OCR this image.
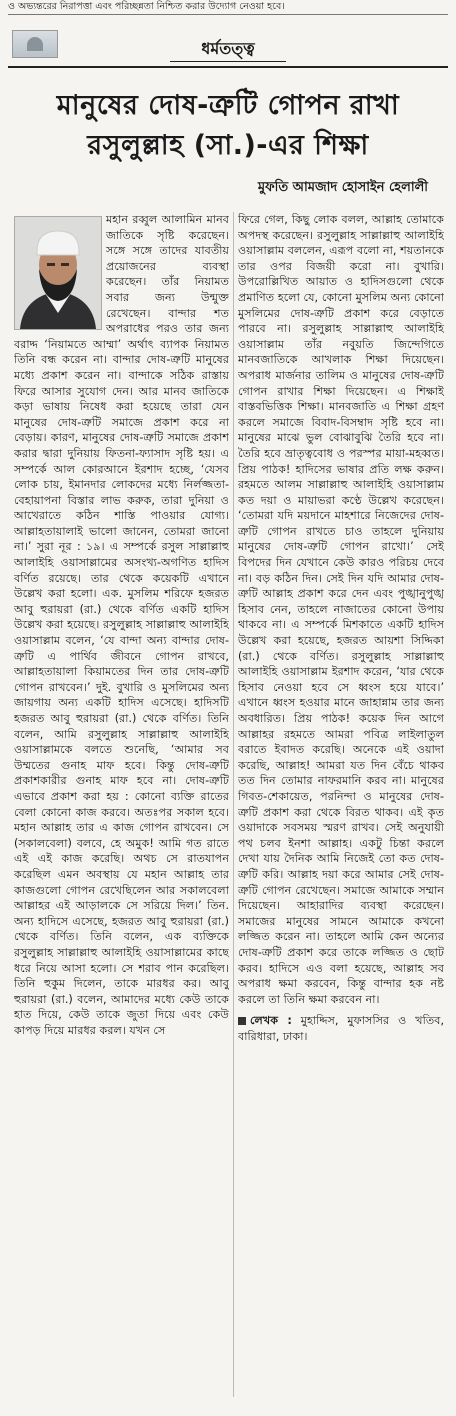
ও অভ্যন্তরের নিরাপত্তা এবং পরিচ্ছন্নতা নিশ্চিত করার উদ্যোগ নেওয়া হবে।
ধর্মতত্ত্ব
মানুষের দোষ-ত্রুটি গোপন রাখা
রসুলুল্লাহ (সা.)-এর শিক্ষা
মুফতি আমজাদ হোসাইন হেলালী
মহান রব্বুল আলামিন মানব জাতিকে সৃষ্টি করেছেন। সঙ্গে সঙ্গে তাদের যাবতীয় প্রয়োজনের ব্যবস্থা করেছেন। তাঁর নিয়ামত সবার জন্য উন্মুক্ত রেখেছেন। বান্দার শত অপরাধের পরও তার জন্য বরাদ্দ ‘নিয়ামতে আম্মা’ অর্থাৎ ব্যাপক নিয়ামত তিনি বন্ধ করেন না। বান্দার দোষ-ত্রুটি মানুষের মধ্যে প্রকাশ করেন না। বান্দাকে সঠিক রাস্তায় ফিরে আসার সুযোগ দেন। আর মানব জাতিকে কড়া ভাষায় নিষেধ করা হয়েছে তারা যেন মানুষের দোষ-ত্রুটি সমাজে প্রকাশ করে না বেড়ায়। কারণ, মানুষের দোষ-ত্রুটি সমাজে প্রকাশ করার দ্বারা দুনিয়ায় ফিতনা-ফ্যাসাদ সৃষ্টি হয়। এ সম্পর্কে আল কোরআনে ইরশাদ হচ্ছে, ‘যেসব লোক চায়, ইমানদার লোকদের মধ্যে নির্লজ্জতা-বেহায়াপনা বিস্তার লাভ করুক, তারা দুনিয়া ও আখেরাতে কঠিন শাস্তি পাওয়ার যোগ্য। আল্লাহতায়ালাই ভালো জানেন, তোমরা জানো না।’ সুরা নূর : ১৯। এ সম্পর্কে রসুল সাল্লাল্লাহু আলাইহি ওয়াসাল্লামের অসংখ্য-অগণিত হাদিস বর্ণিত রয়েছে। তার থেকে কয়েকটি এখানে উল্লেখ করা হলো। এক. মুসলিম শরিফে হজরত আবু হুরায়রা (রা.) থেকে বর্ণিত একটি হাদিস উল্লেখ করা হয়েছে। রসুলুল্লাহ সাল্লাল্লাহু আলাইহি ওয়াসাল্লাম বলেন, ‘যে বান্দা অন্য বান্দার দোষ-ত্রুটি এ পার্থিব জীবনে গোপন রাখবে, আল্লাহতায়ালা কিয়ামতের দিন তার দোষ-ত্রুটি গোপন রাখবেন।’ দুই. বুখারি ও মুসলিমের অন্য জায়গায় অন্য একটি হাদিস এসেছে। হাদিসটি হজরত আবু হুরায়রা (রা.) থেকে বর্ণিত। তিনি বলেন, আমি রসুলুল্লাহ সাল্লাল্লাহু আলাইহি ওয়াসাল্লামকে বলতে শুনেছি, ‘আমার সব উম্মতের গুনাহ মাফ হবে। কিন্তু দোষ-ত্রুটি প্রকাশকারীর গুনাহ মাফ হবে না। দোষ-ত্রুটি এভাবে প্রকাশ করা হয় : কোনো ব্যক্তি রাতের বেলা কোনো কাজ করবে। অতঃপর সকাল হবে। মহান আল্লাহ তার এ কাজ গোপন রাখবেন। সে (সকালবেলা) বলবে, হে অমুক! আমি গত রাতে এই এই কাজ করেছি। অথচ সে রাতযাপন করেছিল এমন অবস্থায় যে মহান আল্লাহ তার কাজগুলো গোপন রেখেছিলেন আর সকালবেলা আল্লাহর এই আড়ালকে সে সরিয়ে দিল।’ তিন. অন্য হাদিসে এসেছে, হজরত আবু হুরায়রা (রা.) থেকে বর্ণিত। তিনি বলেন, এক ব্যক্তিকে রসুলুল্লাহ সাল্লাল্লাহু আলাইহি ওয়াসাল্লামের কাছে ধরে নিয়ে আসা হলো। সে শরাব পান করেছিল। তিনি হুকুম দিলেন, তাকে মারধর কর। আবু হুরায়রা (রা.) বলেন, আমাদের মধ্যে কেউ তাকে হাত দিয়ে, কেউ তাকে জুতা দিয়ে এবং কেউ কাপড় দিয়ে মারধর করল। যখন সে
ফিরে গেল, কিছু লোক বলল, আল্লাহ তোমাকে অপদস্থ করেছেন। রসুলুল্লাহ সাল্লাল্লাহু আলাইহি ওয়াসাল্লাম বললেন, এরূপ বলো না, শয়তানকে তার ওপর বিজয়ী করো না। বুখারি। উপরোল্লিখিত আয়াত ও হাদিসগুলো থেকে প্রমাণিত হলো যে, কোনো মুসলিম অন্য কোনো মুসলিমের দোষ-ত্রুটি প্রকাশ করে বেড়াতে পারবে না। রসুলুল্লাহ সাল্লাল্লাহু আলাইহি ওয়াসাল্লাম তাঁর নবুয়তি জিন্দেগিতে মানবজাতিকে আখলাক শিক্ষা দিয়েছেন। অপরাধ মার্জনার তালিম ও মানুষের দোষ-ত্রুটি গোপন রাখার শিক্ষা দিয়েছেন। এ শিক্ষাই বাস্তবভিত্তিক শিক্ষা। মানবজাতি এ শিক্ষা গ্রহণ করলে সমাজে বিবাদ-বিসম্বাদ সৃষ্টি হবে না। মানুষের মাঝে ভুল বোঝাবুঝি তৈরি হবে না। তৈরি হবে ভ্রাতৃত্ববোধ ও পরস্পর মায়া-মহব্বত। প্রিয় পাঠক! হাদিসের ভাষার প্রতি লক্ষ করুন। রহমতে আলম সাল্লাল্লাহু আলাইহি ওয়াসাল্লাম কত দয়া ও মায়াভরা কণ্ঠে উল্লেখ করেছেন। ‘তোমরা যদি ময়দানে মাহশারে নিজেদের দোষ-ত্রুটি গোপন রাখতে চাও তাহলে দুনিয়ায় মানুষের দোষ-ত্রুটি গোপন রাখো।’ সেই বিপদের দিন যেখানে কেউ কারও পরিচয় দেবে না। বড় কঠিন দিন। সেই দিন যদি আমার দোষ-ত্রুটি আল্লাহ প্রকাশ করে দেন এবং পুঙ্খানুপুঙ্খ হিসাব নেন, তাহলে নাজাতের কোনো উপায় থাকবে না। এ সম্পর্কে মিশকাতে একটি হাদিস উল্লেখ করা হয়েছে, হজরত আয়শা সিদ্দিকা (রা.) থেকে বর্ণিত। রসুলুল্লাহ সাল্লাল্লাহু আলাইহি ওয়াসাল্লাম ইরশাদ করেন, ‘যার থেকে হিসাব নেওয়া হবে সে ধ্বংস হয়ে যাবে।’ এখানে ধ্বংস হওয়ার মানে জাহান্নাম তার জন্য অবধারিত। প্রিয় পাঠক! কয়েক দিন আগে আল্লাহর রহমতে আমরা পবিত্র লাইলাতুল বরাতে ইবাদত করেছি। অনেকে এই ওয়াদা করেছি, আল্লাহ! আমরা যত দিন বেঁচে থাকব তত দিন তোমার নাফরমানি করব না। মানুষের গিবত-শেকায়েত, পরনিন্দা ও মানুষের দোষ-ত্রুটি প্রকাশ করা থেকে বিরত থাকব। এই কৃত ওয়াদাকে সবসময় স্মরণ রাখব। সেই অনুযায়ী পথ চলব ইনশা আল্লাহ। একটু চিন্তা করলে দেখা যায় দৈনিক আমি নিজেই তো কত দোষ-ত্রুটি করি। আল্লাহ দয়া করে আমার সেই দোষ-ত্রুটি গোপন রেখেছেন। সমাজে আমাকে সম্মান দিয়েছেন। আহারাদির ব্যবস্থা করেছেন। সমাজের মানুষের সামনে আমাকে কখনো লজ্জিত করেন না। তাহলে আমি কেন অন্যের দোষ-ত্রুটি প্রকাশ করে তাকে লজ্জিত ও ছোট করব। হাদিসে এও বলা হয়েছে, আল্লাহ সব অপরাধ ক্ষমা করবেন, কিন্তু বান্দার হক নষ্ট করলে তা তিনি ক্ষমা করবেন না।
লেখক : মুহাদ্দিস, মুফাসসির ও খতিব, বারিধারা, ঢাকা।
